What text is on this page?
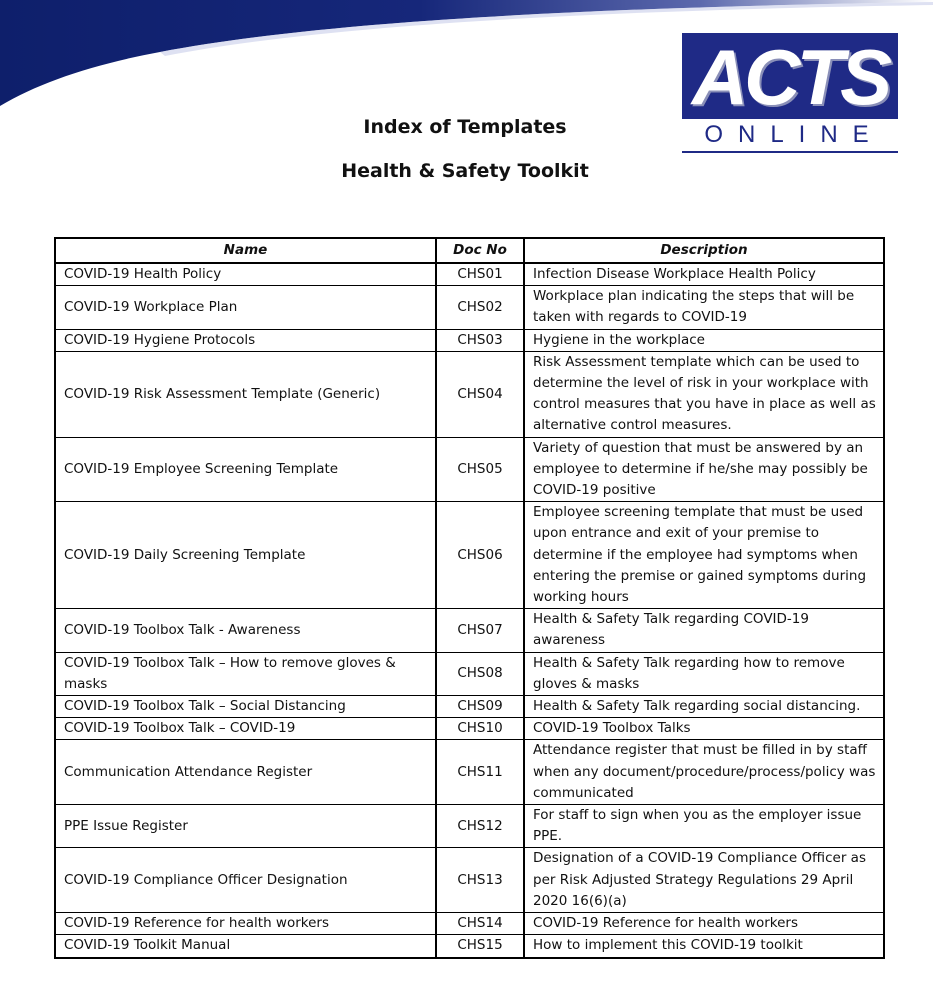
ACTS
ONLINE
Index of Templates
Health & Safety Toolkit
Name	Doc No	Description
COVID-19 Health Policy	CHS01	Infection Disease Workplace Health Policy
COVID-19 Workplace Plan	CHS02	Workplace plan indicating the steps that will be taken with regards to COVID-19
COVID-19 Hygiene Protocols	CHS03	Hygiene in the workplace
COVID-19 Risk Assessment Template (Generic)	CHS04	Risk Assessment template which can be used to determine the level of risk in your workplace with control measures that you have in place as well as alternative control measures.
COVID-19 Employee Screening Template	CHS05	Variety of question that must be answered by an employee to determine if he/she may possibly be COVID-19 positive
COVID-19 Daily Screening Template	CHS06	Employee screening template that must be used upon entrance and exit of your premise to determine if the employee had symptoms when entering the premise or gained symptoms during working hours
COVID-19 Toolbox Talk - Awareness	CHS07	Health & Safety Talk regarding COVID-19 awareness
COVID-19 Toolbox Talk – How to remove gloves & masks	CHS08	Health & Safety Talk regarding how to remove gloves & masks
COVID-19 Toolbox Talk – Social Distancing	CHS09	Health & Safety Talk regarding social distancing.
COVID-19 Toolbox Talk – COVID-19	CHS10	COVID-19 Toolbox Talks
Communication Attendance Register	CHS11	Attendance register that must be filled in by staff when any document/procedure/process/policy was communicated
PPE Issue Register	CHS12	For staff to sign when you as the employer issue PPE.
COVID-19 Compliance Officer Designation	CHS13	Designation of a COVID-19 Compliance Officer as per Risk Adjusted Strategy Regulations 29 April 2020 16(6)(a)
COVID-19 Reference for health workers	CHS14	COVID-19 Reference for health workers
COVID-19 Toolkit Manual	CHS15	How to implement this COVID-19 toolkit
